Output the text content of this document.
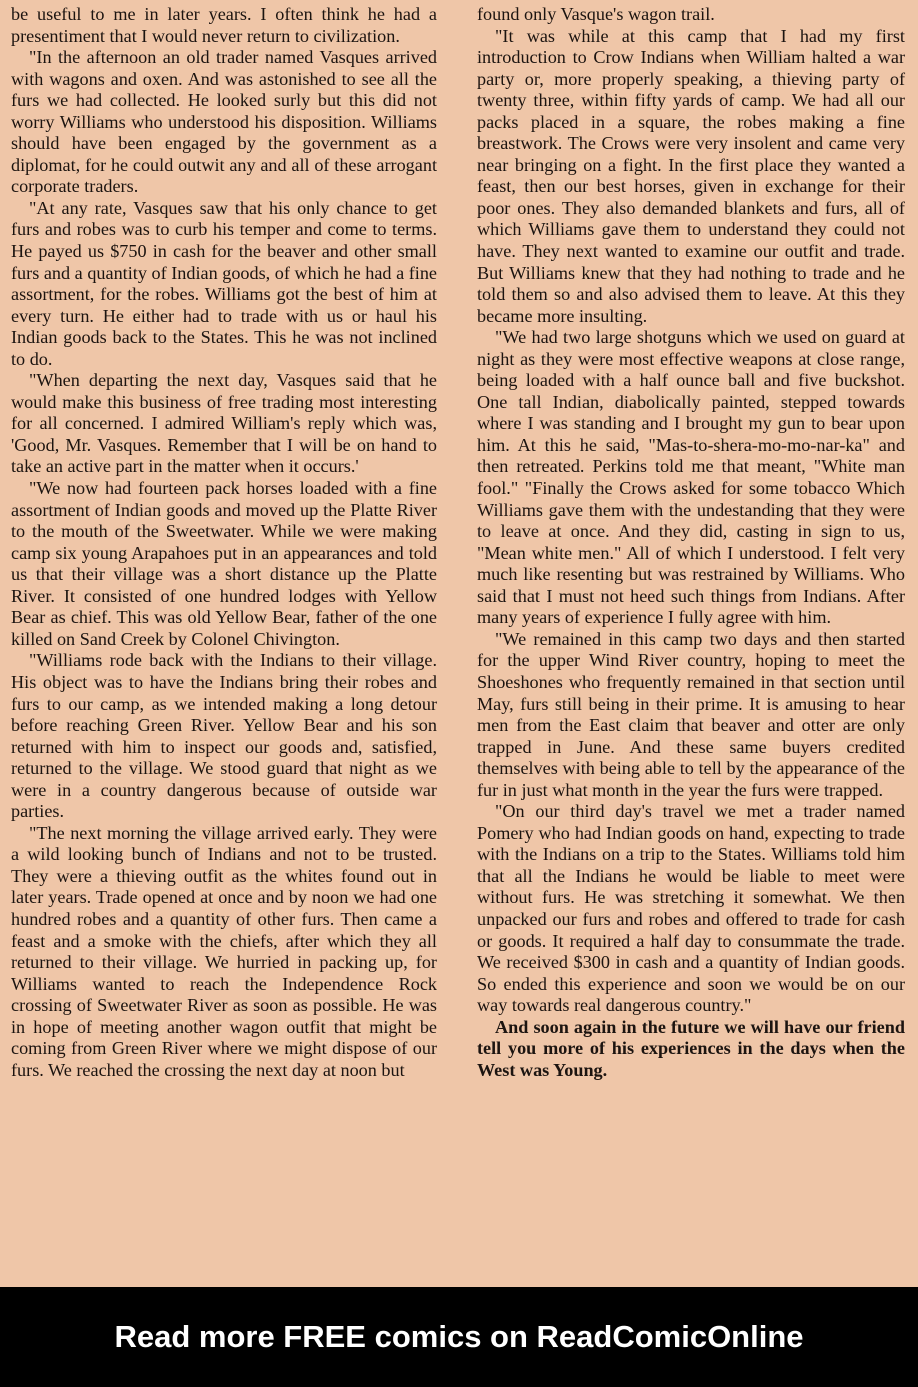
be useful to me in later years. I often think he had a presentiment that I would never return to civilization.

"In the afternoon an old trader named Vasques arrived with wagons and oxen. And was astonished to see all the furs we had collected. He looked surly but this did not worry Williams who understood his disposition. Williams should have been engaged by the government as a diplomat, for he could outwit any and all of these arrogant corporate traders.

"At any rate, Vasques saw that his only chance to get furs and robes was to curb his temper and come to terms. He payed us $750 in cash for the beaver and other small furs and a quantity of Indian goods, of which he had a fine assortment, for the robes. Williams got the best of him at every turn. He either had to trade with us or haul his Indian goods back to the States. This he was not inclined to do.

"When departing the next day, Vasques said that he would make this business of free trading most interesting for all concerned. I admired William's reply which was, 'Good, Mr. Vasques. Remember that I will be on hand to take an active part in the matter when it occurs.'

"We now had fourteen pack horses loaded with a fine assortment of Indian goods and moved up the Platte River to the mouth of the Sweetwater. While we were making camp six young Arapahoes put in an appearances and told us that their village was a short distance up the Platte River. It consisted of one hundred lodges with Yellow Bear as chief. This was old Yellow Bear, father of the one killed on Sand Creek by Colonel Chivington.

"Williams rode back with the Indians to their village. His object was to have the Indians bring their robes and furs to our camp, as we intended making a long detour before reaching Green River. Yellow Bear and his son returned with him to inspect our goods and, satisfied, returned to the village. We stood guard that night as we were in a country dangerous because of outside war parties.

"The next morning the village arrived early. They were a wild looking bunch of Indians and not to be trusted. They were a thieving outfit as the whites found out in later years. Trade opened at once and by noon we had one hundred robes and a quantity of other furs. Then came a feast and a smoke with the chiefs, after which they all returned to their village. We hurried in packing up, for Williams wanted to reach the Independence Rock crossing of Sweetwater River as soon as possible. He was in hope of meeting another wagon outfit that might be coming from Green River where we might dispose of our furs. We reached the crossing the next day at noon but

found only Vasque's wagon trail.

"It was while at this camp that I had my first introduction to Crow Indians when William halted a war party or, more properly speaking, a thieving party of twenty three, within fifty yards of camp. We had all our packs placed in a square, the robes making a fine breastwork. The Crows were very insolent and came very near bringing on a fight. In the first place they wanted a feast, then our best horses, given in exchange for their poor ones. They also demanded blankets and furs, all of which Williams gave them to understand they could not have. They next wanted to examine our outfit and trade. But Williams knew that they had nothing to trade and he told them so and also advised them to leave. At this they became more insulting.

"We had two large shotguns which we used on guard at night as they were most effective weapons at close range, being loaded with a half ounce ball and five buckshot. One tall Indian, diabolically painted, stepped towards where I was standing and I brought my gun to bear upon him. At this he said, "Mas-to-shera-mo-mo-nar-ka" and then retreated. Perkins told me that meant, "White man fool." "Finally the Crows asked for some tobacco Which Williams gave them with the undestanding that they were to leave at once. And they did, casting in sign to us, "Mean white men." All of which I understood. I felt very much like resenting but was restrained by Williams. Who said that I must not heed such things from Indians. After many years of experience I fully agree with him.

"We remained in this camp two days and then started for the upper Wind River country, hoping to meet the Shoeshones who frequently remained in that section until May, furs still being in their prime. It is amusing to hear men from the East claim that beaver and otter are only trapped in June. And these same buyers credited themselves with being able to tell by the appearance of the fur in just what month in the year the furs were trapped.

"On our third day's travel we met a trader named Pomery who had Indian goods on hand, expecting to trade with the Indians on a trip to the States. Williams told him that all the Indians he would be liable to meet were without furs. He was stretching it somewhat. We then unpacked our furs and robes and offered to trade for cash or goods. It required a half day to consummate the trade. We received $300 in cash and a quantity of Indian goods. So ended this experience and soon we would be on our way towards real dangerous country."

And soon again in the future we will have our friend tell you more of his experiences in the days when the West was Young.

Read more FREE comics on ReadComicOnline
